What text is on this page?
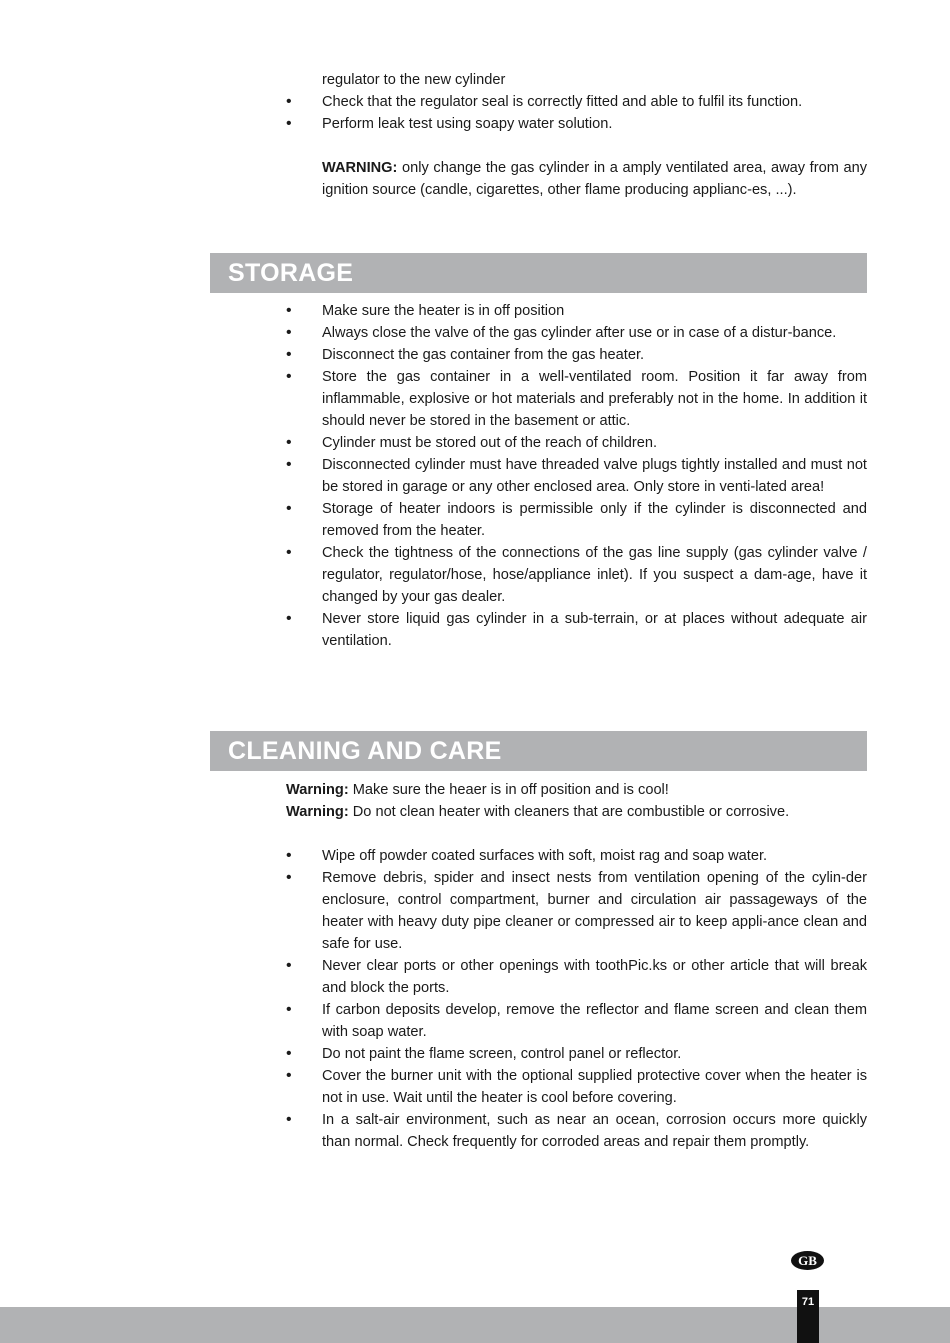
regulator to the new cylinder
•	Check that the regulator seal is correctly fitted and able to fulfil its function.
•	Perform leak test using soapy water solution.
WARNING: only change the gas cylinder in a amply ventilated area, away from any ignition source (candle, cigarettes, other flame producing applianc-es, ...).
STORAGE
•	Make sure the heater is in off position
•	Always close the valve of the gas cylinder after use or in case of a distur-bance.
•	Disconnect the gas container from the gas heater.
•	Store the gas container in a well-ventilated room. Position it far away from inflammable, explosive or hot materials and preferably not in the home. In addition it should never be stored in the basement or attic.
•	Cylinder must be stored out of the reach of children.
•	Disconnected cylinder must have threaded valve plugs tightly installed and must not be stored in garage or any other enclosed area. Only store in venti-lated area!
•	Storage of heater indoors is permissible only if the cylinder is disconnected and removed from the heater.
•	Check the tightness of the connections of the gas line supply (gas cylinder valve / regulator, regulator/hose, hose/appliance inlet). If you suspect a dam-age, have it changed by your gas dealer.
•	Never store liquid gas cylinder in a sub-terrain, or at places without adequate air ventilation.
CLEANING AND CARE
Warning: Make sure the heaer is in off position and is cool!
Warning: Do not clean heater with cleaners that are combustible or corrosive.
•	Wipe off powder coated surfaces with soft, moist rag and soap water.
•	Remove debris, spider and insect nests from ventilation opening of the cylin-der enclosure, control compartment, burner and circulation air passageways of the heater with heavy duty pipe cleaner or compressed air to keep appli-ance clean and safe for use.
•	Never clear ports or other openings with toothPic.ks or other article that will break and block the ports.
•	If carbon deposits develop, remove the reflector and flame screen and clean them with soap water.
•	Do not paint the flame screen, control panel or reflector.
•	Cover the burner unit with the optional supplied protective cover when the heater is not in use. Wait until the heater is cool before covering.
•	In a salt-air environment, such as near an ocean, corrosion occurs more quickly than normal. Check frequently for corroded areas and repair them promptly.
GB
71
